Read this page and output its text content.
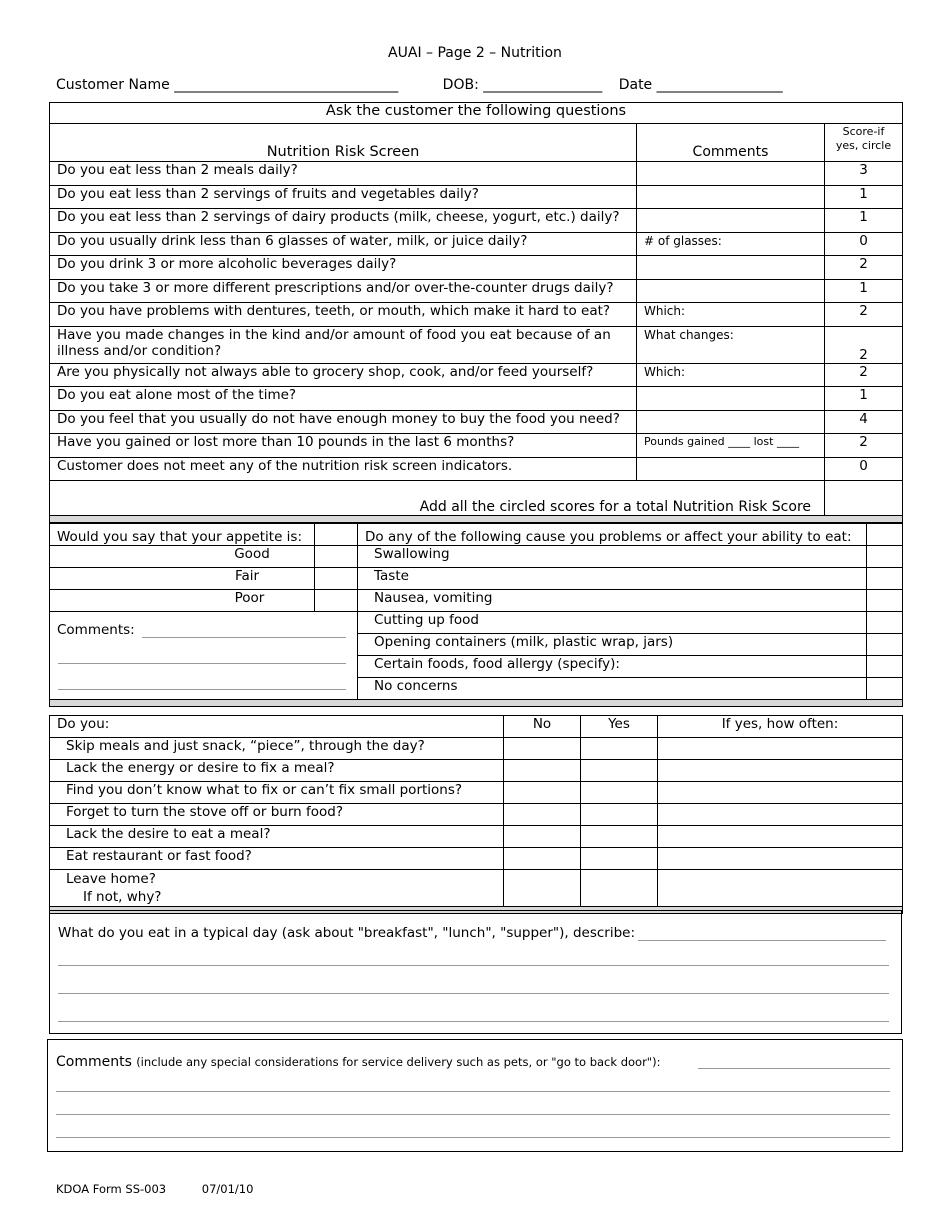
AUAI – Page 2 – Nutrition
Customer Name ________________________________	DOB: _________________ Date __________________
Ask the customer the following questions		
Nutrition Risk Screen	Comments	Score-if
yes, circle

Do you eat less than 2 meals daily?		3
Do you eat less than 2 servings of fruits and vegetables daily?		1
Do you eat less than 2 servings of dairy products (milk, cheese, yogurt, etc.) daily?		1
Do you usually drink less than 6 glasses of water, milk, or juice daily?	# of glasses:	0
Do you drink 3 or more alcoholic beverages daily?		2
Do you take 3 or more different prescriptions and/or over-the-counter drugs daily?		1
Do you have problems with dentures, teeth, or mouth, which make it hard to eat?	Which:	2

Have you made changes in the kind and/or amount of food you eat because of an
illness and/or condition?	What changes:	2
Are you physically not always able to grocery shop, cook, and/or feed yourself?	Which:	2
Do you eat alone most of the time?		1
Do you feel that you usually do not have enough money to buy the food you need?		4
Have you gained or lost more than 10 pounds in the last 6 months?	Pounds gained ____ lost ____	2
Customer does not meet any of the nutrition risk screen indicators.		0
Add all the circled scores for a total Nutrition Risk Score		

Would you say that your appetite is:		Do any of the following cause you problems or affect your ability to eat:	
Good		Swallowing	
Fair		Taste	
Poor		Nausea, vomiting	
Comments:		Cutting up food	
		Opening containers (milk, plastic wrap, jars)	
		Certain foods, food allergy (specify):	
		No concerns	

Do you:	No	Yes	If yes, how often:
Skip meals and just snack, “piece”, through the day?			
Lack the energy or desire to fix a meal?			
Find you don’t know what to fix or can’t fix small portions?			
Forget to turn the stove off or burn food?			
Lack the desire to eat a meal?			
Eat restaurant or fast food?			

Leave home?
If not, why?			

What do you eat in a typical day (ask about "breakfast", "lunch", "supper"), describe:
Comments (include any special considerations for service delivery such as pets, or "go to back door"):
KDOA Form SS-003	07/01/10
